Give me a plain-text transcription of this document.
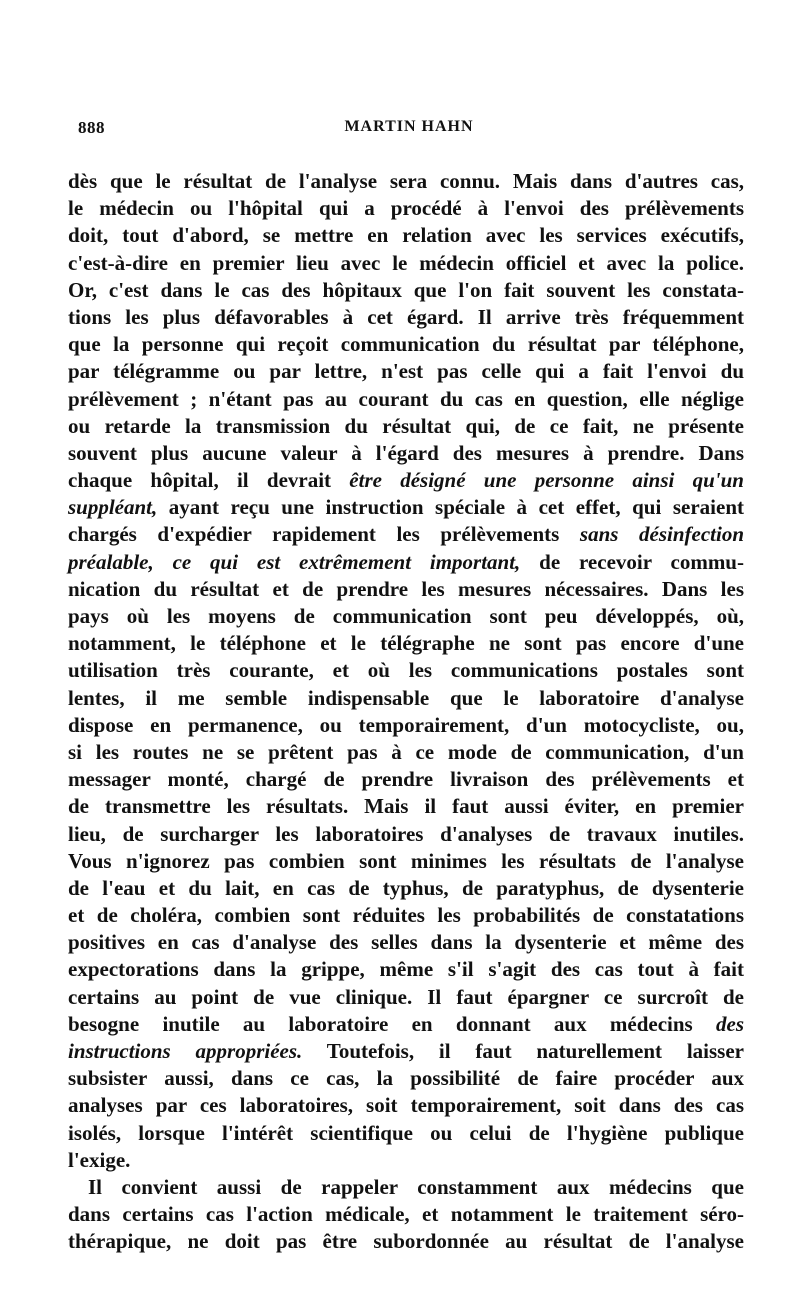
888	MARTIN HAHN
dès que le résultat de l'analyse sera connu. Mais dans d'autres cas,
le médecin ou l'hôpital qui a procédé à l'envoi des prélèvements
doit, tout d'abord, se mettre en relation avec les services exécutifs,
c'est-à-dire en premier lieu avec le médecin officiel et avec la police.
Or, c'est dans le cas des hôpitaux que l'on fait souvent les constata-
tions les plus défavorables à cet égard. Il arrive très fréquemment
que la personne qui reçoit communication du résultat par téléphone,
par télégramme ou par lettre, n'est pas celle qui a fait l'envoi du
prélèvement ; n'étant pas au courant du cas en question, elle néglige
ou retarde la transmission du résultat qui, de ce fait, ne présente
souvent plus aucune valeur à l'égard des mesures à prendre. Dans
chaque hôpital, il devrait être désigné une personne ainsi qu'un
suppléant, ayant reçu une instruction spéciale à cet effet, qui seraient
chargés d'expédier rapidement les prélèvements sans désinfection
préalable, ce qui est extrêmement important, de recevoir commu-
nication du résultat et de prendre les mesures nécessaires. Dans les
pays où les moyens de communication sont peu développés, où,
notamment, le téléphone et le télégraphe ne sont pas encore d'une
utilisation très courante, et où les communications postales sont
lentes, il me semble indispensable que le laboratoire d'analyse
dispose en permanence, ou temporairement, d'un motocycliste, ou,
si les routes ne se prêtent pas à ce mode de communication, d'un
messager monté, chargé de prendre livraison des prélèvements et
de transmettre les résultats. Mais il faut aussi éviter, en premier
lieu, de surcharger les laboratoires d'analyses de travaux inutiles.
Vous n'ignorez pas combien sont minimes les résultats de l'analyse
de l'eau et du lait, en cas de typhus, de paratyphus, de dysenterie
et de choléra, combien sont réduites les probabilités de constatations
positives en cas d'analyse des selles dans la dysenterie et même des
expectorations dans la grippe, même s'il s'agit des cas tout à fait
certains au point de vue clinique. Il faut épargner ce surcroît de
besogne inutile au laboratoire en donnant aux médecins des
instructions appropriées. Toutefois, il faut naturellement laisser
subsister aussi, dans ce cas, la possibilité de faire procéder aux
analyses par ces laboratoires, soit temporairement, soit dans des cas
isolés, lorsque l'intérêt scientifique ou celui de l'hygiène publique
l'exige.
Il convient aussi de rappeler constamment aux médecins que
dans certains cas l'action médicale, et notamment le traitement séro-
thérapique, ne doit pas être subordonnée au résultat de l'analyse
